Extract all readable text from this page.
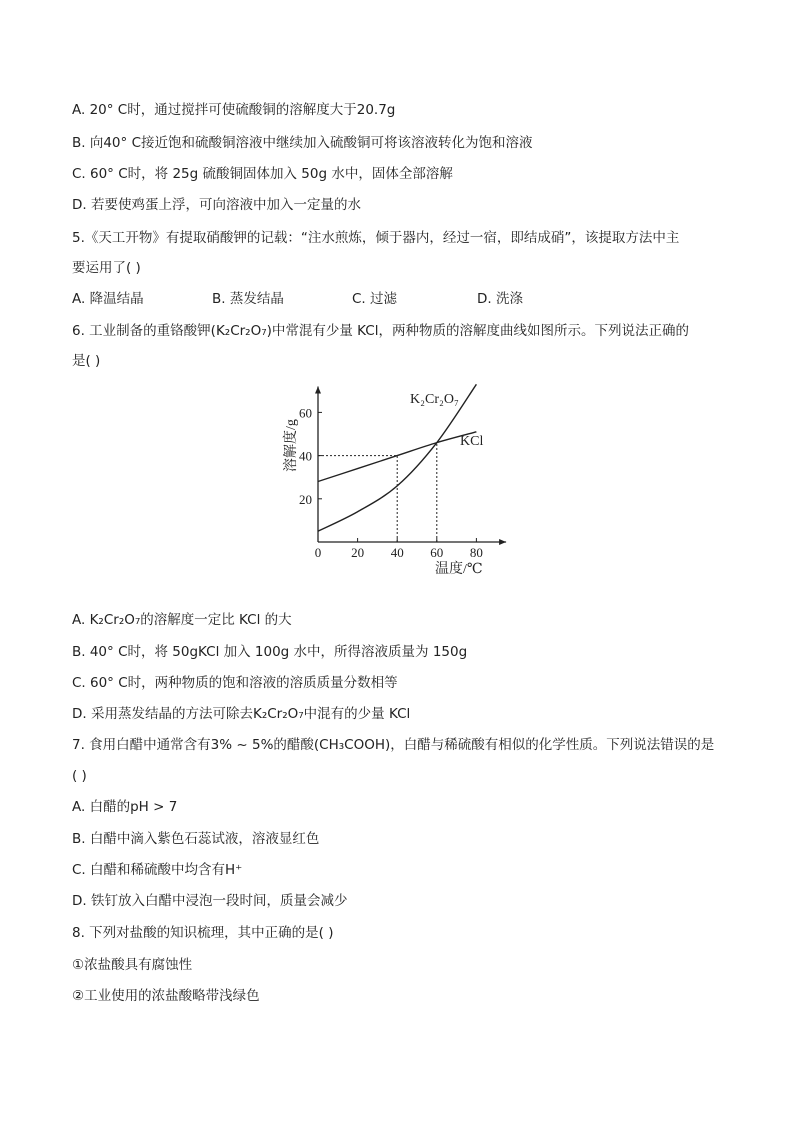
A. 20° C时，通过搅拌可使硫酸铜的溶解度大于20.7g
B. 向40° C接近饱和硫酸铜溶液中继续加入硫酸铜可将该溶液转化为饱和溶液
C. 60° C时，将 25g 硫酸铜固体加入 50g 水中，固体全部溶解
D. 若要使鸡蛋上浮，可向溶液中加入一定量的水
5.《天工开物》有提取硝酸钾的记载：“注水煎炼，倾于器内，经过一宿，即结成硝”，该提取方法中主
要运用了( )
A. 降温结晶	B. 蒸发结晶	C. 过滤	D. 洗涤
6. 工业制备的重铬酸钾(K₂Cr₂O₇)中常混有少量 KCl，两种物质的溶解度曲线如图所示。下列说法正确的
是( )
溶解度/g
温度/℃
K₂Cr₂O₇
KCl
0 20 40 60 80
20
40
60
A. K₂Cr₂O₇的溶解度一定比 KCl 的大
B. 40° C时，将 50gKCl 加入 100g 水中，所得溶液质量为 150g
C. 60° C时，两种物质的饱和溶液的溶质质量分数相等
D. 采用蒸发结晶的方法可除去K₂Cr₂O₇中混有的少量 KCl
7. 食用白醋中通常含有3% ~ 5%的醋酸(CH₃COOH)，白醋与稀硫酸有相似的化学性质。下列说法错误的是
( )
A. 白醋的pH > 7
B. 白醋中滴入紫色石蕊试液，溶液显红色
C. 白醋和稀硫酸中均含有H⁺
D. 铁钉放入白醋中浸泡一段时间，质量会减少
8. 下列对盐酸的知识梳理，其中正确的是( )
①浓盐酸具有腐蚀性
②工业使用的浓盐酸略带浅绿色
